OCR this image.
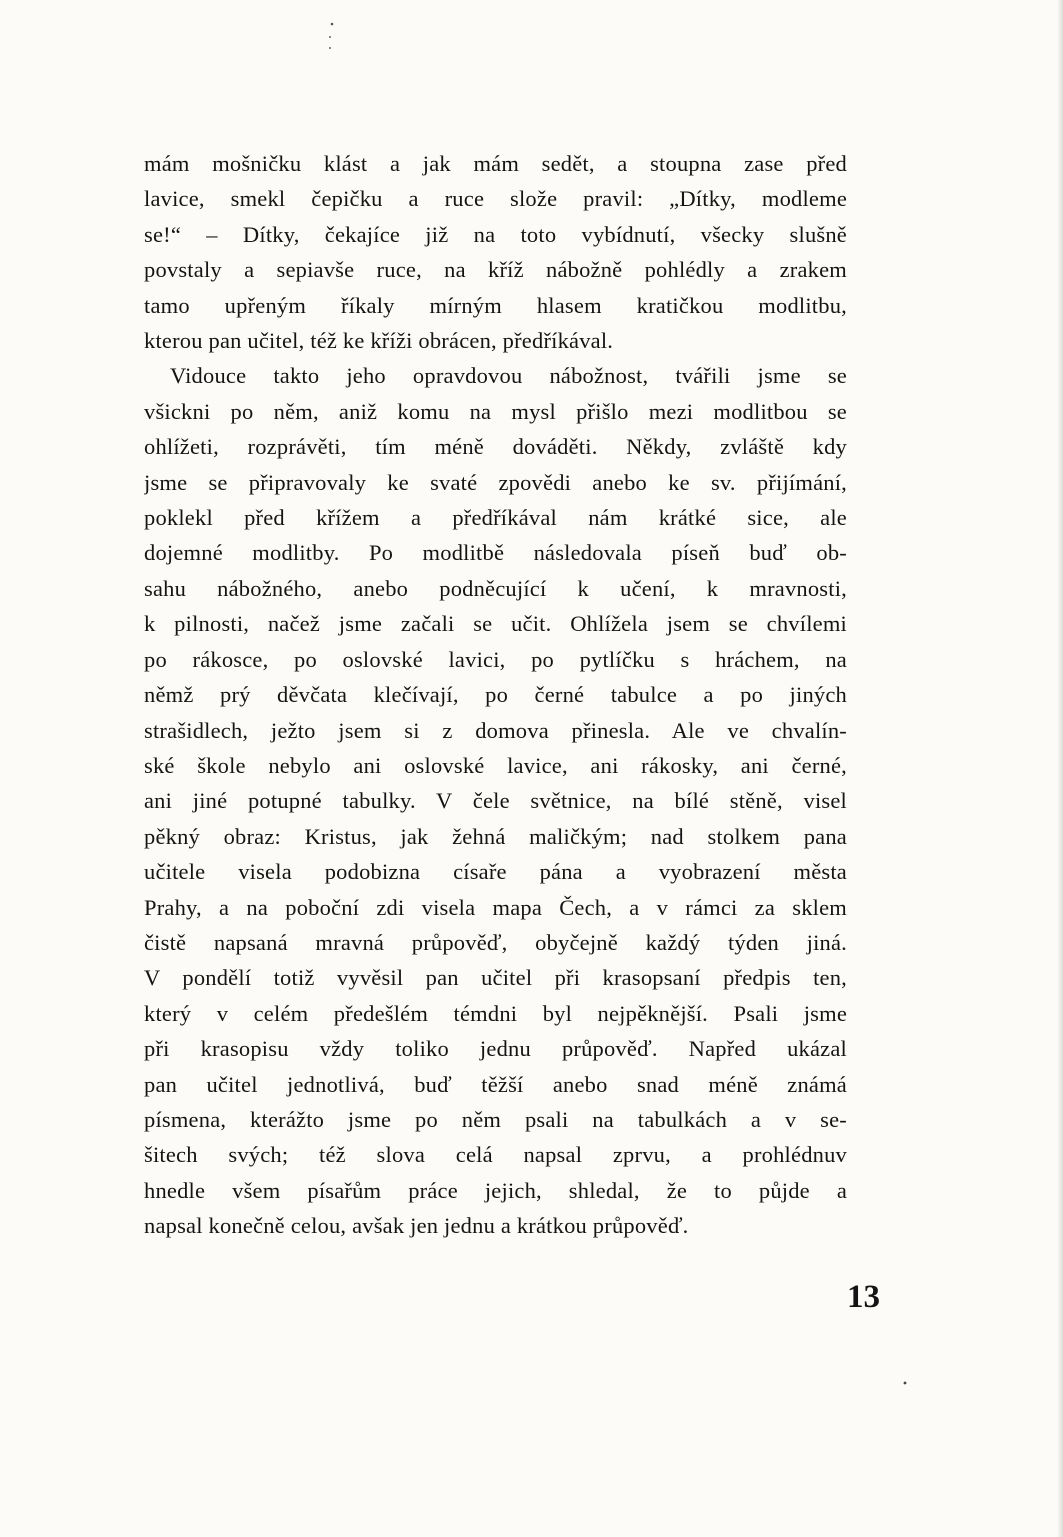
mám mošničku klást a jak mám sedět, a stoupna zase před
lavice, smekl čepičku a ruce slože pravil: „Dítky, modleme
se!“ – Dítky, čekajíce již na toto vybídnutí, všecky slušně
povstaly a sepiavše ruce, na kříž nábožně pohlédly a zrakem
tamo upřeným říkaly mírným hlasem kratičkou modlitbu,
kterou pan učitel, též ke kříži obrácen, předříkával.
Vidouce takto jeho opravdovou nábožnost, tvářili jsme se
všickni po něm, aniž komu na mysl přišlo mezi modlitbou se
ohlížeti, rozprávěti, tím méně dováděti. Někdy, zvláště kdy
jsme se připravovaly ke svaté zpovědi anebo ke sv. přijímání,
poklekl před křížem a předříkával nám krátké sice, ale
dojemné modlitby. Po modlitbě následovala píseň buď ob-
sahu nábožného, anebo podněcující k učení, k mravnosti,
k pilnosti, načež jsme začali se učit. Ohlížela jsem se chvílemi
po rákosce, po oslovské lavici, po pytlíčku s hráchem, na
němž prý děvčata klečívají, po černé tabulce a po jiných
strašidlech, ježto jsem si z domova přinesla. Ale ve chvalín-
ské škole nebylo ani oslovské lavice, ani rákosky, ani černé,
ani jiné potupné tabulky. V čele světnice, na bílé stěně, visel
pěkný obraz: Kristus, jak žehná maličkým; nad stolkem pana
učitele visela podobizna císaře pána a vyobrazení města
Prahy, a na poboční zdi visela mapa Čech, a v rámci za sklem
čistě napsaná mravná průpověď, obyčejně každý týden jiná.
V pondělí totiž vyvěsil pan učitel při krasopsaní předpis ten,
který v celém předešlém témdni byl nejpěknější. Psali jsme
při krasopisu vždy toliko jednu průpověď. Napřed ukázal
pan učitel jednotlivá, buď těžší anebo snad méně známá
písmena, kterážto jsme po něm psali na tabulkách a v se-
šitech svých; též slova celá napsal zprvu, a prohlédnuv
hnedle všem písařům práce jejich, shledal, že to půjde a
napsal konečně celou, avšak jen jednu a krátkou průpověď.
13
